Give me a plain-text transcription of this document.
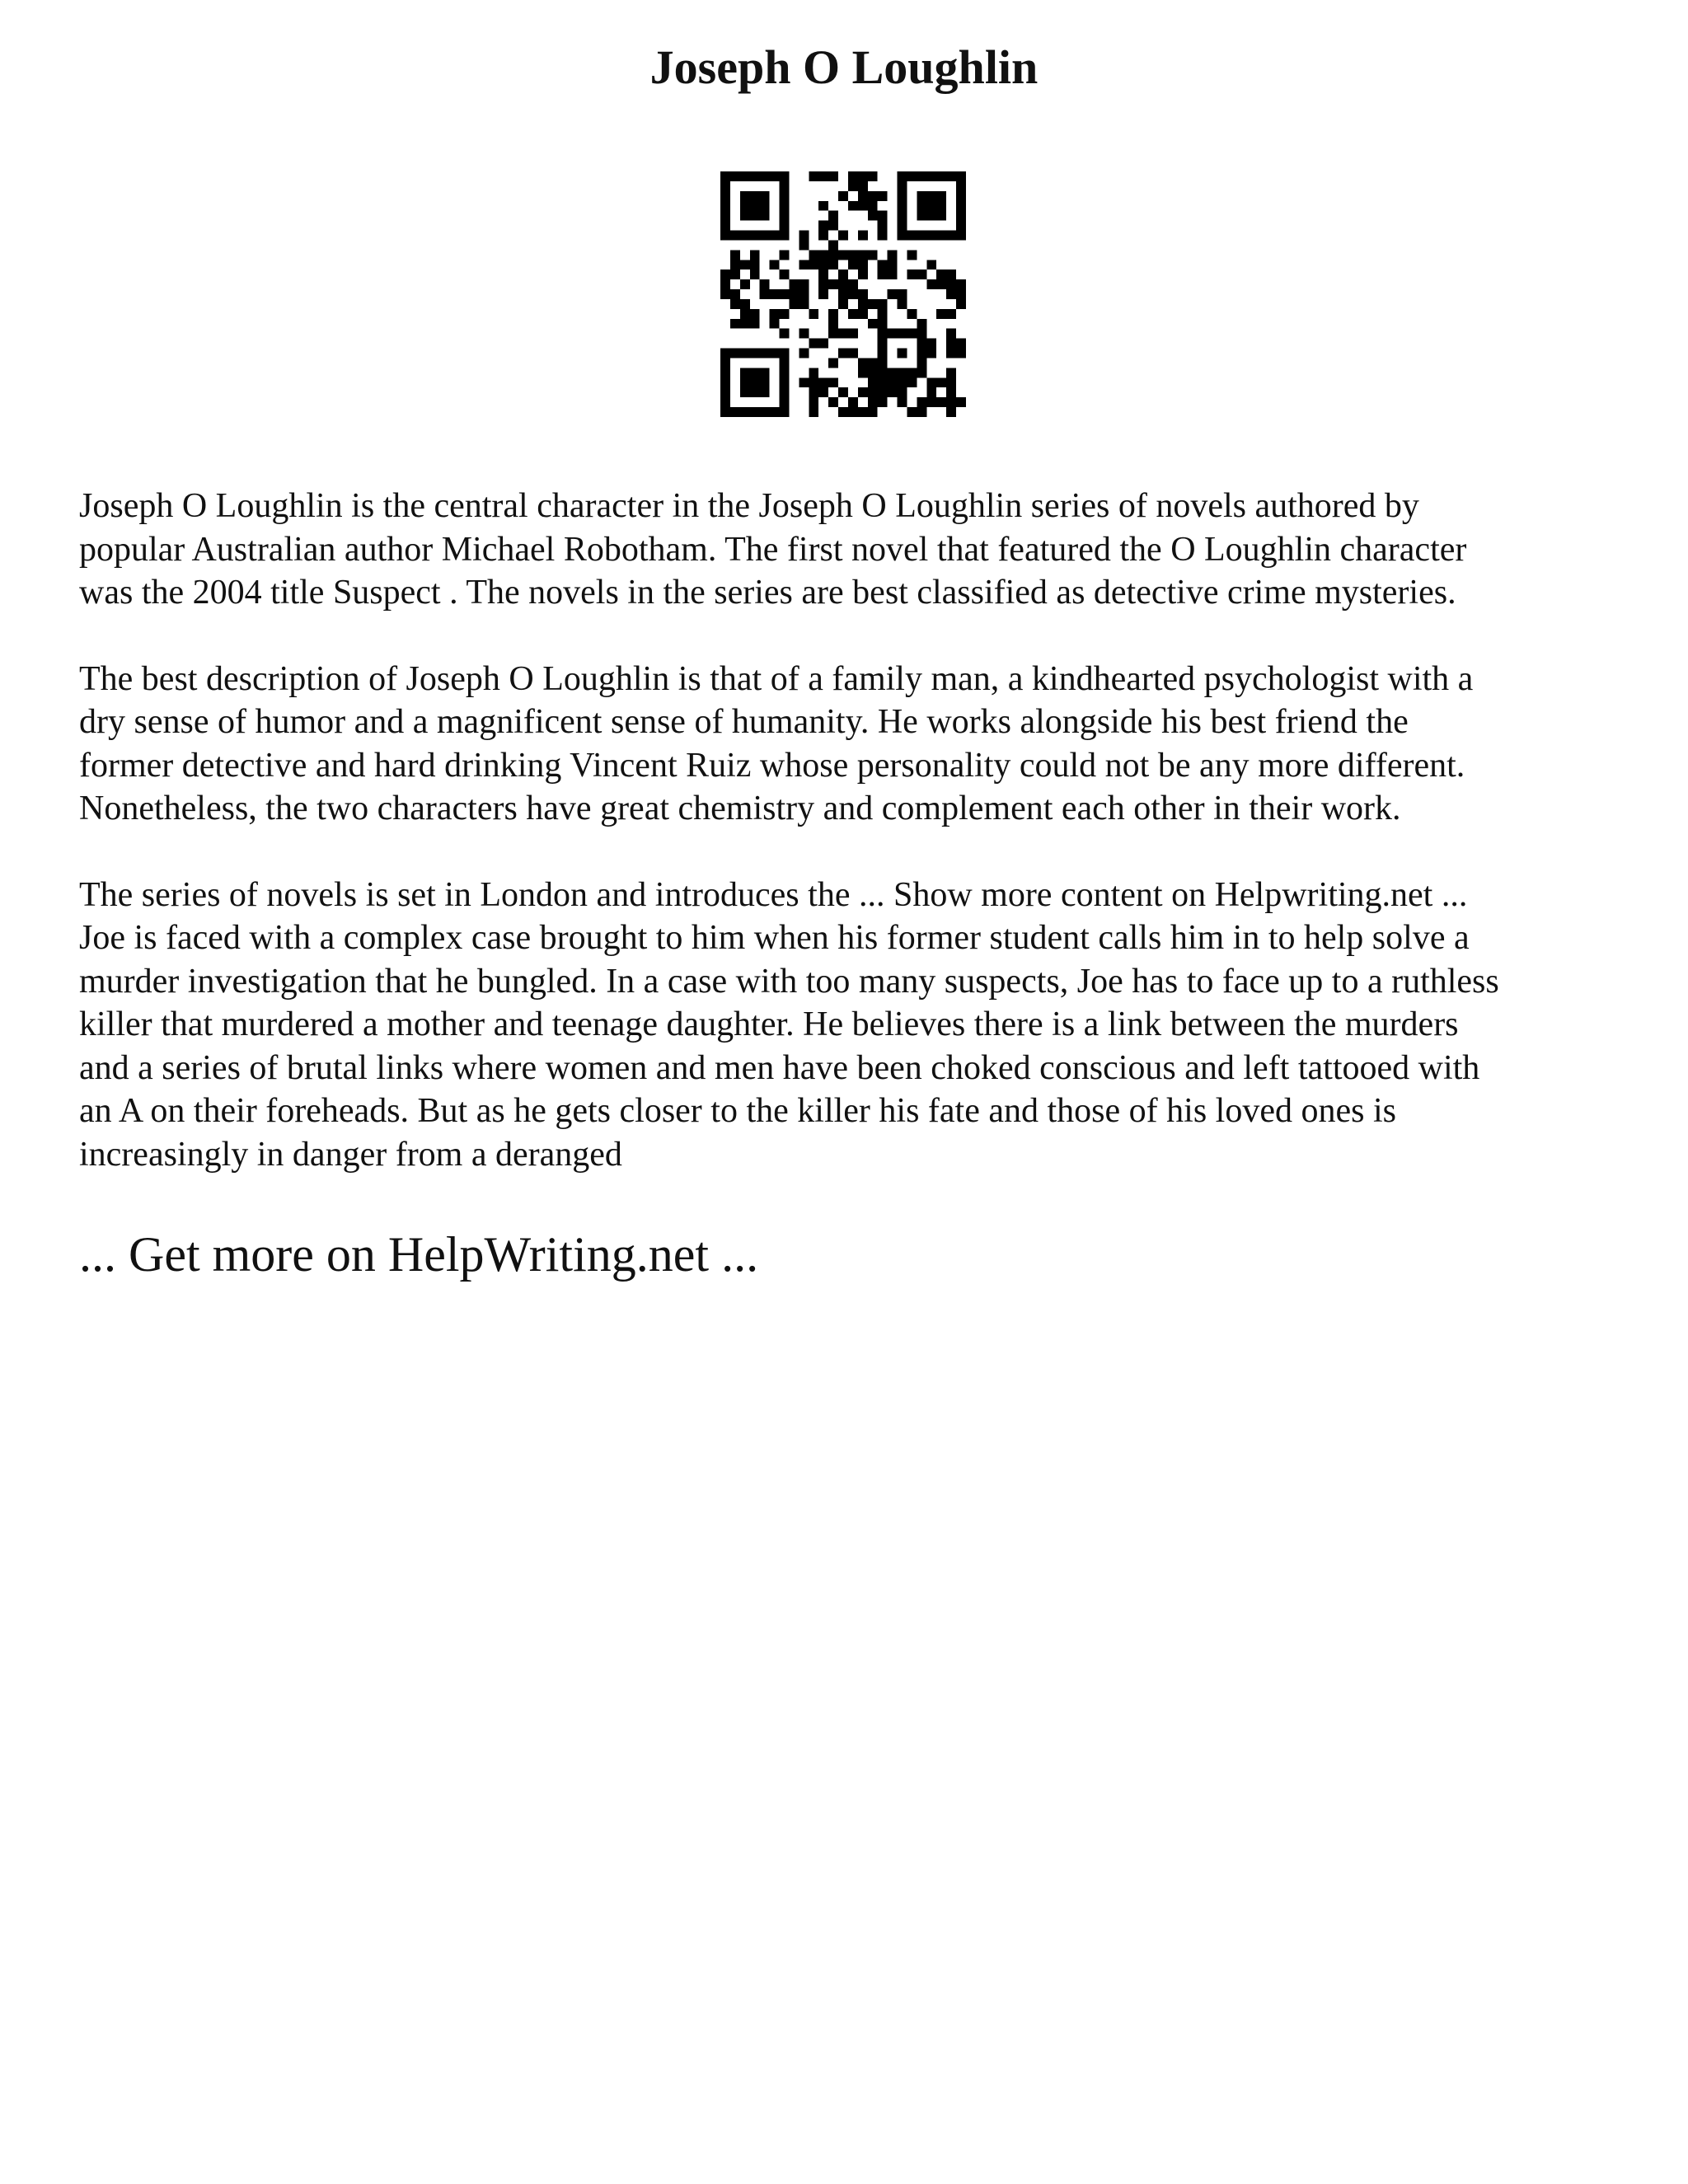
Joseph O Loughlin

Joseph O Loughlin is the central character in the Joseph O Loughlin series of novels authored by
popular Australian author Michael Robotham. The first novel that featured the O Loughlin character
was the 2004 title Suspect . The novels in the series are best classified as detective crime mysteries.

The best description of Joseph O Loughlin is that of a family man, a kindhearted psychologist with a
dry sense of humor and a magnificent sense of humanity. He works alongside his best friend the
former detective and hard drinking Vincent Ruiz whose personality could not be any more different.
Nonetheless, the two characters have great chemistry and complement each other in their work.

The series of novels is set in London and introduces the ... Show more content on Helpwriting.net ...
Joe is faced with a complex case brought to him when his former student calls him in to help solve a
murder investigation that he bungled. In a case with too many suspects, Joe has to face up to a ruthless
killer that murdered a mother and teenage daughter. He believes there is a link between the murders
and a series of brutal links where women and men have been choked conscious and left tattooed with
an A on their foreheads. But as he gets closer to the killer his fate and those of his loved ones is
increasingly in danger from a deranged

... Get more on HelpWriting.net ...
